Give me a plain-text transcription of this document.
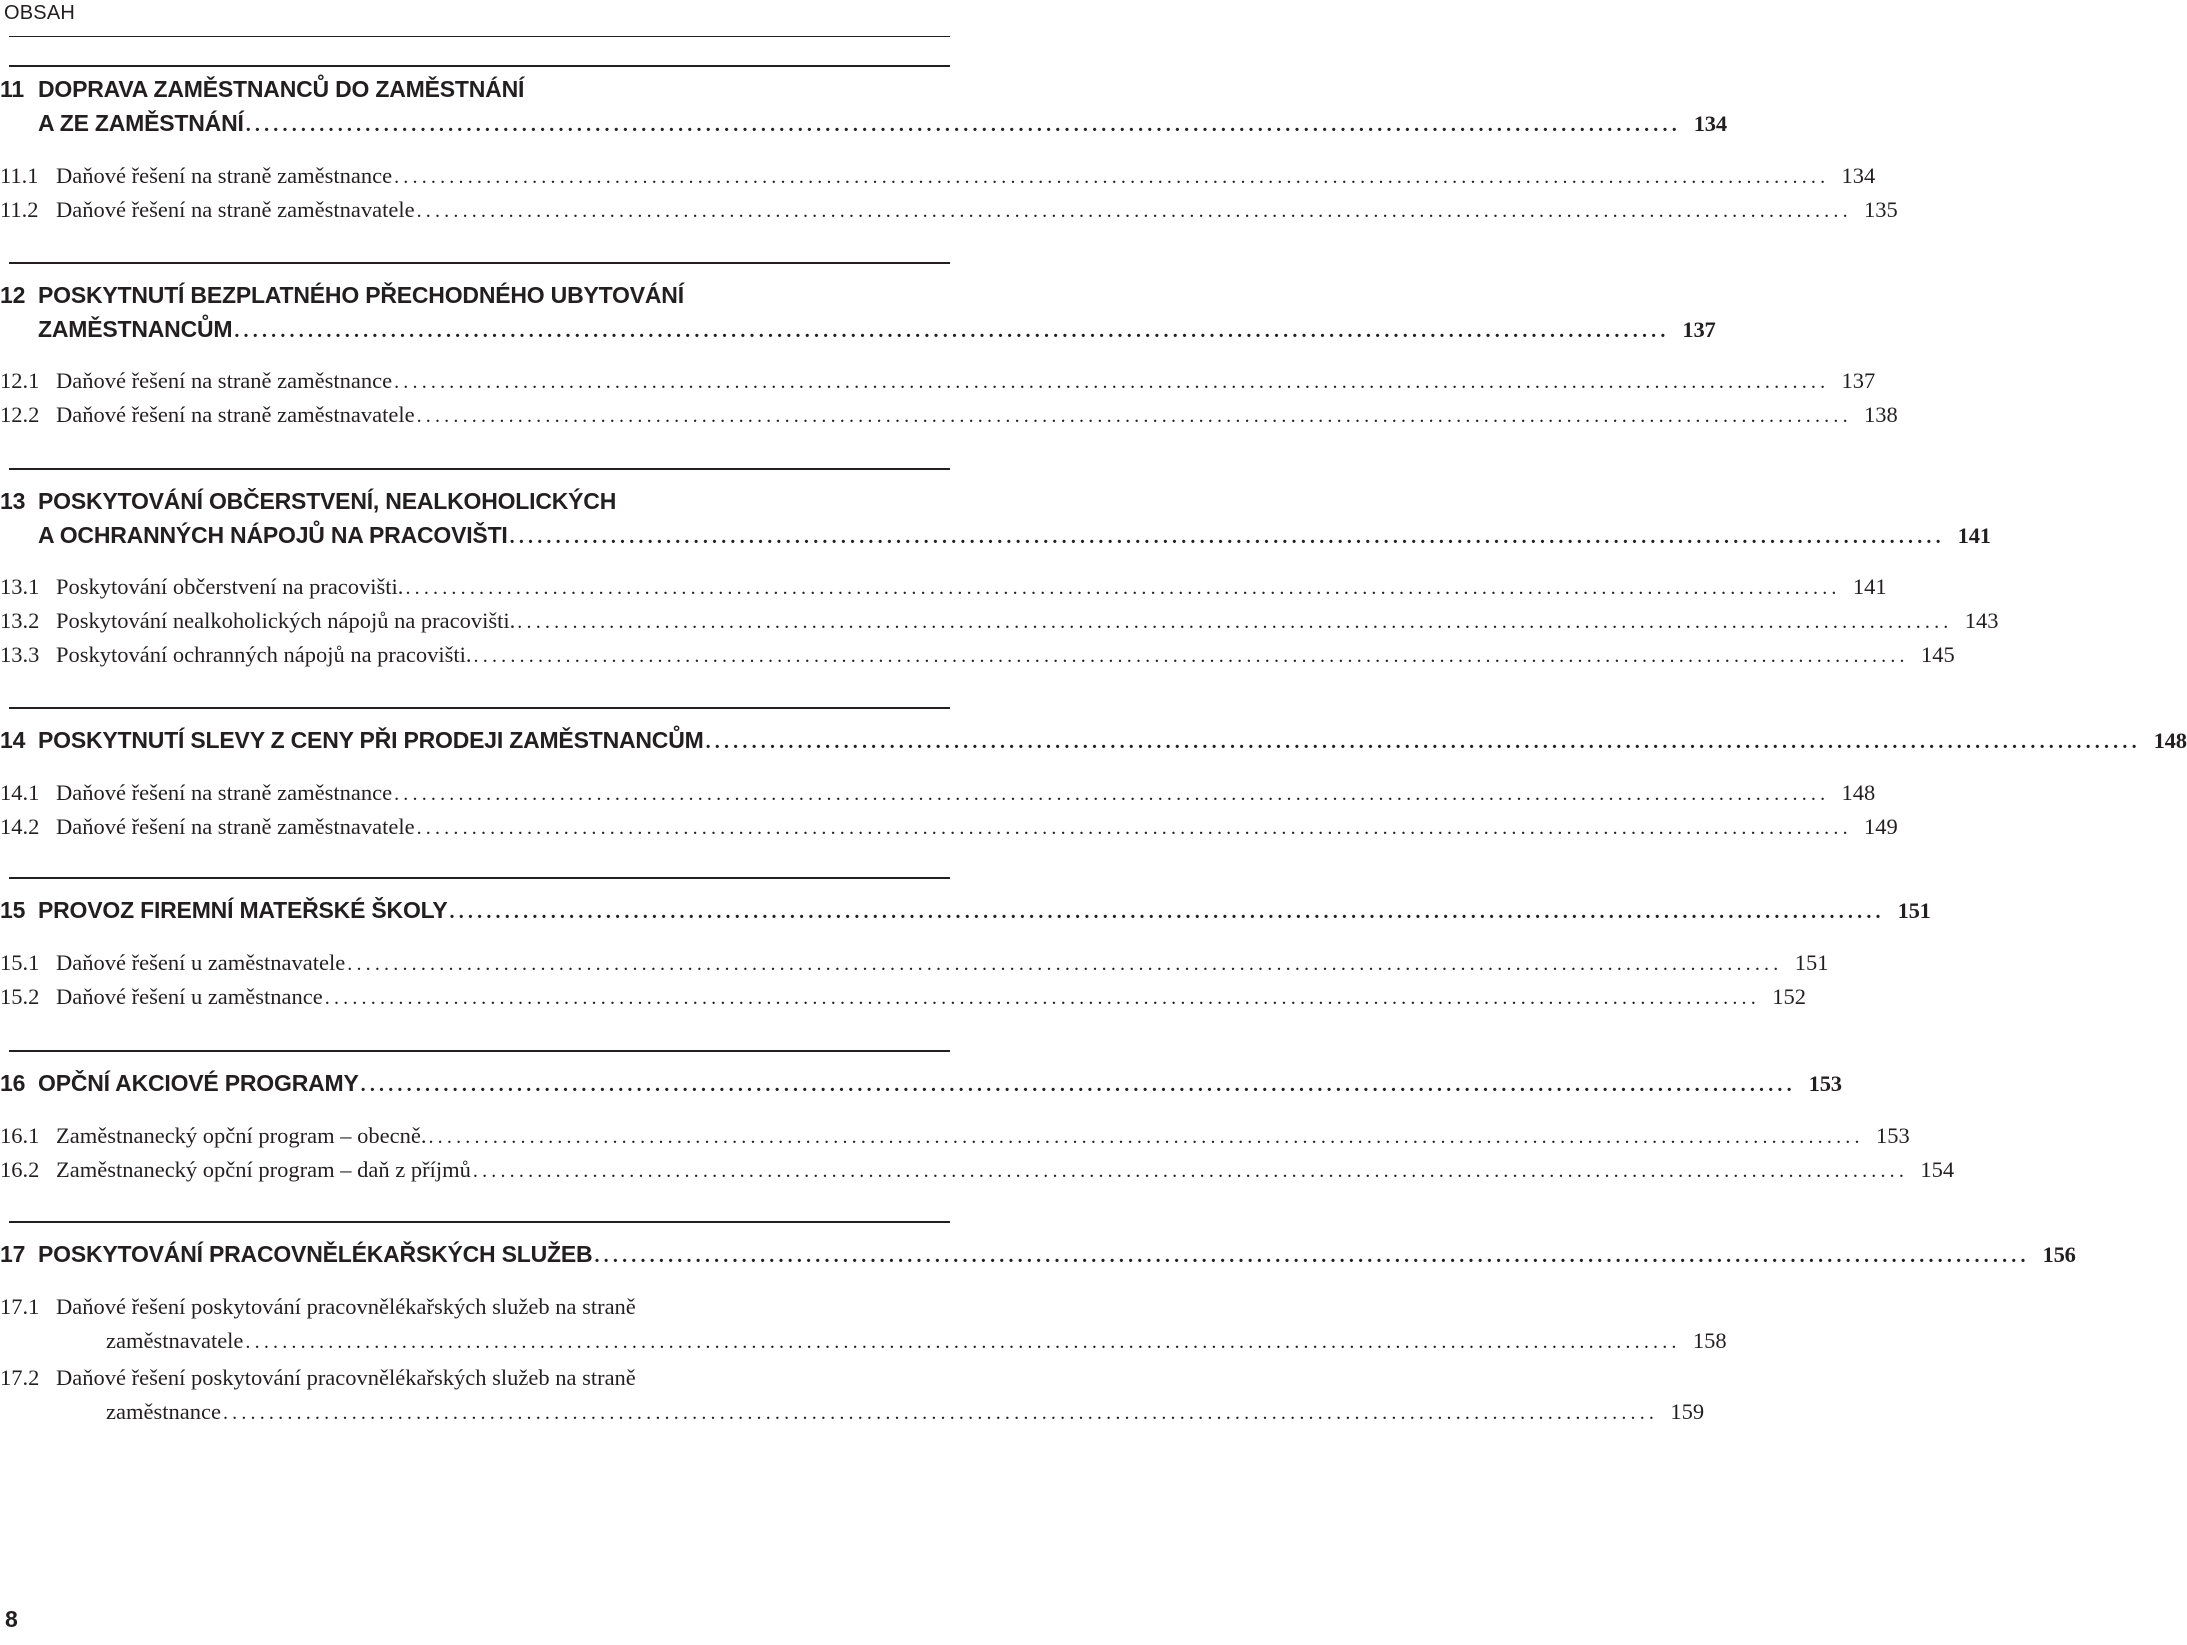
OBSAH
11 DOPRAVA ZAMĚSTNANCŮ DO ZAMĚSTNÁNÍ
A ZE ZAMĚSTNÁNÍ ............................................................................................................................................................ 134
11.1 Daňové řešení na straně zaměstnance ............................................................................................................................................................ 134
11.2 Daňové řešení na straně zaměstnavatele ............................................................................................................................................................ 135
12 POSKYTNUTÍ BEZPLATNÉHO PŘECHODNÉHO UBYTOVÁNÍ
ZAMĚSTNANCŮM ............................................................................................................................................................ 137
12.1 Daňové řešení na straně zaměstnance ............................................................................................................................................................ 137
12.2 Daňové řešení na straně zaměstnavatele ............................................................................................................................................................ 138
13 POSKYTOVÁNÍ OBČERSTVENÍ, NEALKOHOLICKÝCH
A OCHRANNÝCH NÁPOJŮ NA PRACOVIŠTI ............................................................................................................................................................ 141
13.1 Poskytování občerstvení na pracovišti. ............................................................................................................................................................ 141
13.2 Poskytování nealkoholických nápojů na pracovišti. ............................................................................................................................................................ 143
13.3 Poskytování ochranných nápojů na pracovišti. ............................................................................................................................................................ 145
14 POSKYTNUTÍ SLEVY Z CENY PŘI PRODEJI ZAMĚSTNANCŮM ............................................................................................................................................................ 148
14.1 Daňové řešení na straně zaměstnance ............................................................................................................................................................ 148
14.2 Daňové řešení na straně zaměstnavatele ............................................................................................................................................................ 149
15 PROVOZ FIREMNÍ MATEŘSKÉ ŠKOLY ............................................................................................................................................................ 151
15.1 Daňové řešení u zaměstnavatele ............................................................................................................................................................ 151
15.2 Daňové řešení u zaměstnance ............................................................................................................................................................ 152
16 OPČNÍ AKCIOVÉ PROGRAMY ............................................................................................................................................................ 153
16.1 Zaměstnanecký opční program – obecně. ............................................................................................................................................................ 153
16.2 Zaměstnanecký opční program – daň z příjmů ............................................................................................................................................................ 154
17 POSKYTOVÁNÍ PRACOVNĚLÉKAŘSKÝCH SLUŽEB ............................................................................................................................................................ 156
17.1 Daňové řešení poskytování pracovnělékařských služeb na straně
zaměstnavatele ............................................................................................................................................................ 158
17.2 Daňové řešení poskytování pracovnělékařských služeb na straně
zaměstnance ............................................................................................................................................................ 159
8
